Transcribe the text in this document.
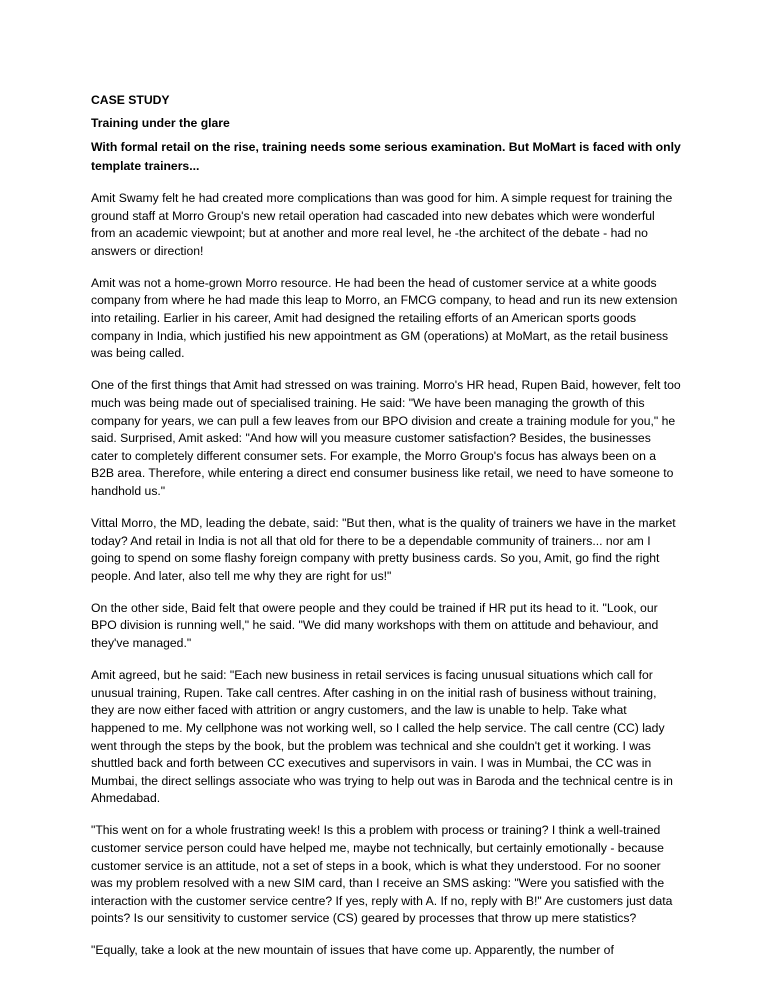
CASE STUDY
Training under the glare
With formal retail on the rise, training needs some serious examination. But MoMart is faced with only template trainers...

Amit Swamy felt he had created more complications than was good for him. A simple request for training the ground staff at Morro Group's new retail operation had cascaded into new debates which were wonderful from an academic viewpoint; but at another and more real level, he -the architect of the debate - had no answers or direction!

Amit was not a home-grown Morro resource. He had been the head of customer service at a white goods company from where he had made this leap to Morro, an FMCG company, to head and run its new extension into retailing. Earlier in his career, Amit had designed the retailing efforts of an American sports goods company in India, which justified his new appointment as GM (operations) at MoMart, as the retail business was being called.

One of the first things that Amit had stressed on was training. Morro's HR head, Rupen Baid, however, felt too much was being made out of specialised training. He said: "We have been managing the growth of this company for years, we can pull a few leaves from our BPO division and create a training module for you," he said. Surprised, Amit asked: "And how will you measure customer satisfaction? Besides, the businesses cater to completely different consumer sets. For example, the Morro Group's focus has always been on a B2B area. Therefore, while entering a direct end consumer business like retail, we need to have someone to handhold us."

Vittal Morro, the MD, leading the debate, said: "But then, what is the quality of trainers we have in the market today? And retail in India is not all that old for there to be a dependable community of trainers... nor am I going to spend on some flashy foreign company with pretty business cards. So you, Amit, go find the right people. And later, also tell me why they are right for us!"

On the other side, Baid felt that owere people and they could be trained if HR put its head to it. "Look, our BPO division is running well," he said. "We did many workshops with them on attitude and behaviour, and they've managed."

Amit agreed, but he said: "Each new business in retail services is facing unusual situations which call for unusual training, Rupen. Take call centres. After cashing in on the initial rash of business without training, they are now either faced with attrition or angry customers, and the law is unable to help. Take what happened to me. My cellphone was not working well, so I called the help service. The call centre (CC) lady went through the steps by the book, but the problem was technical and she couldn't get it working. I was shuttled back and forth between CC executives and supervisors in vain. I was in Mumbai, the CC was in Mumbai, the direct sellings associate who was trying to help out was in Baroda and the technical centre is in Ahmedabad.

"This went on for a whole frustrating week! Is this a problem with process or training? I think a well-trained customer service person could have helped me, maybe not technically, but certainly emotionally - because customer service is an attitude, not a set of steps in a book, which is what they understood. For no sooner was my problem resolved with a new SIM card, than I receive an SMS asking: "Were you satisfied with the interaction with the customer service centre? If yes, reply with A. If no, reply with B!" Are customers just data points? Is our sensitivity to customer service (CS) geared by processes that throw up mere statistics?

"Equally, take a look at the new mountain of issues that have come up. Apparently, the number of
